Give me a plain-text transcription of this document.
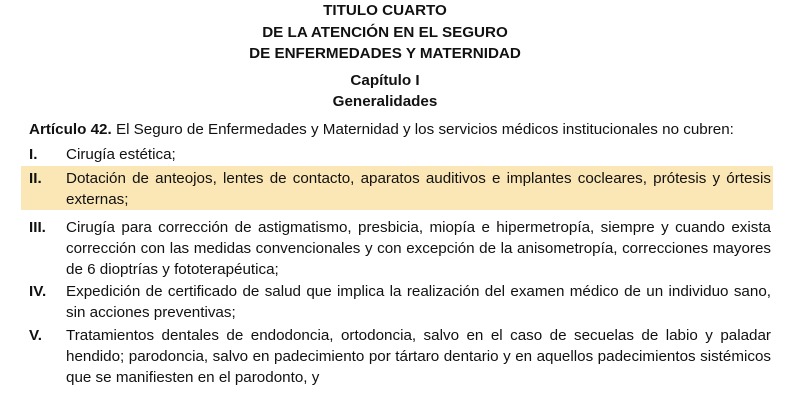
TITULO CUARTO
DE LA ATENCIÓN EN EL SEGURO
DE ENFERMEDADES Y MATERNIDAD
Capítulo I
Generalidades
Artículo 42. El Seguro de Enfermedades y Maternidad y los servicios médicos institucionales no cubren:
I. Cirugía estética;
II. Dotación de anteojos, lentes de contacto, aparatos auditivos e implantes cocleares, prótesis y órtesis externas;
III. Cirugía para corrección de astigmatismo, presbicia, miopía e hipermetropía, siempre y cuando exista corrección con las medidas convencionales y con excepción de la anisometropía, correcciones mayores de 6 dioptrías y fototerapéutica;
IV. Expedición de certificado de salud que implica la realización del examen médico de un individuo sano, sin acciones preventivas;
V. Tratamientos dentales de endodoncia, ortodoncia, salvo en el caso de secuelas de labio y paladar hendido; parodoncia, salvo en padecimiento por tártaro dentario y en aquellos padecimientos sistémicos que se manifiesten en el parodonto, y
